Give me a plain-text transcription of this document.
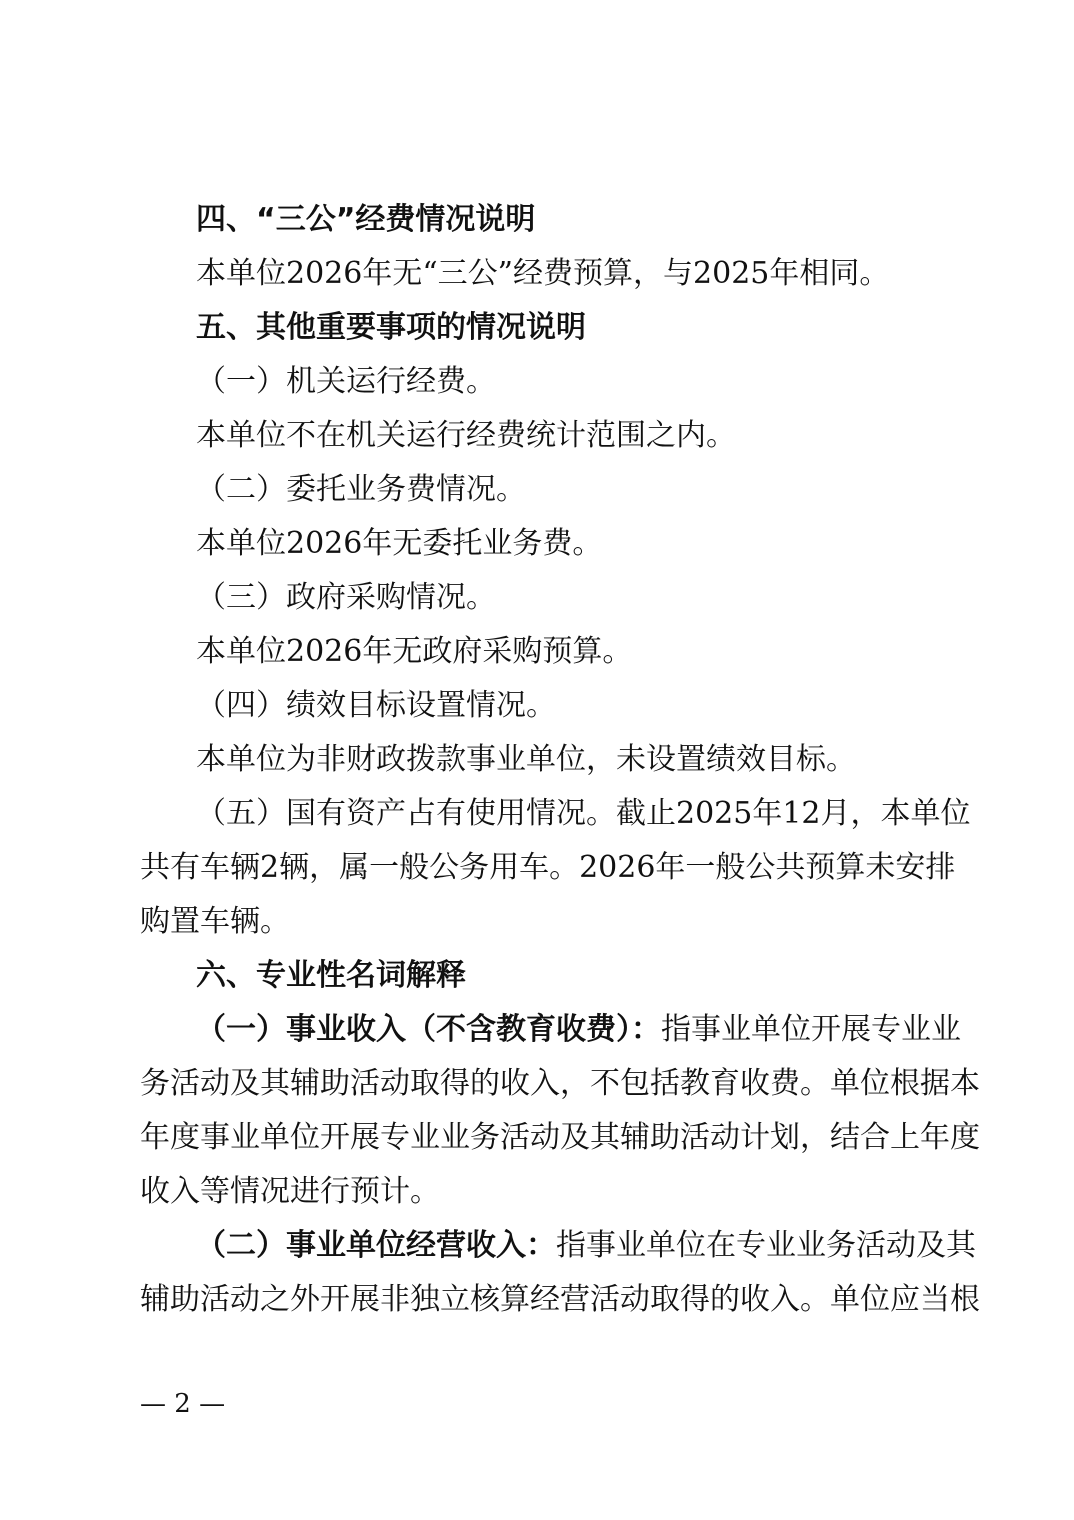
四、“三公”经费情况说明
本单位2026年无“三公”经费预算，与2025年相同。
五、其他重要事项的情况说明
（一）机关运行经费。
本单位不在机关运行经费统计范围之内。
（二）委托业务费情况。
本单位2026年无委托业务费。
（三）政府采购情况。
本单位2026年无政府采购预算。
（四）绩效目标设置情况。
本单位为非财政拨款事业单位，未设置绩效目标。
（五）国有资产占有使用情况。截止2025年12月，本单位
共有车辆2辆，属一般公务用车。2026年一般公共预算未安排
购置车辆。
六、专业性名词解释
（一）事业收入（不含教育收费）：指事业单位开展专业业
务活动及其辅助活动取得的收入，不包括教育收费。单位根据本
年度事业单位开展专业业务活动及其辅助活动计划，结合上年度
收入等情况进行预计。
（二）事业单位经营收入：指事业单位在专业业务活动及其
辅助活动之外开展非独立核算经营活动取得的收入。单位应当根
— 2 —
